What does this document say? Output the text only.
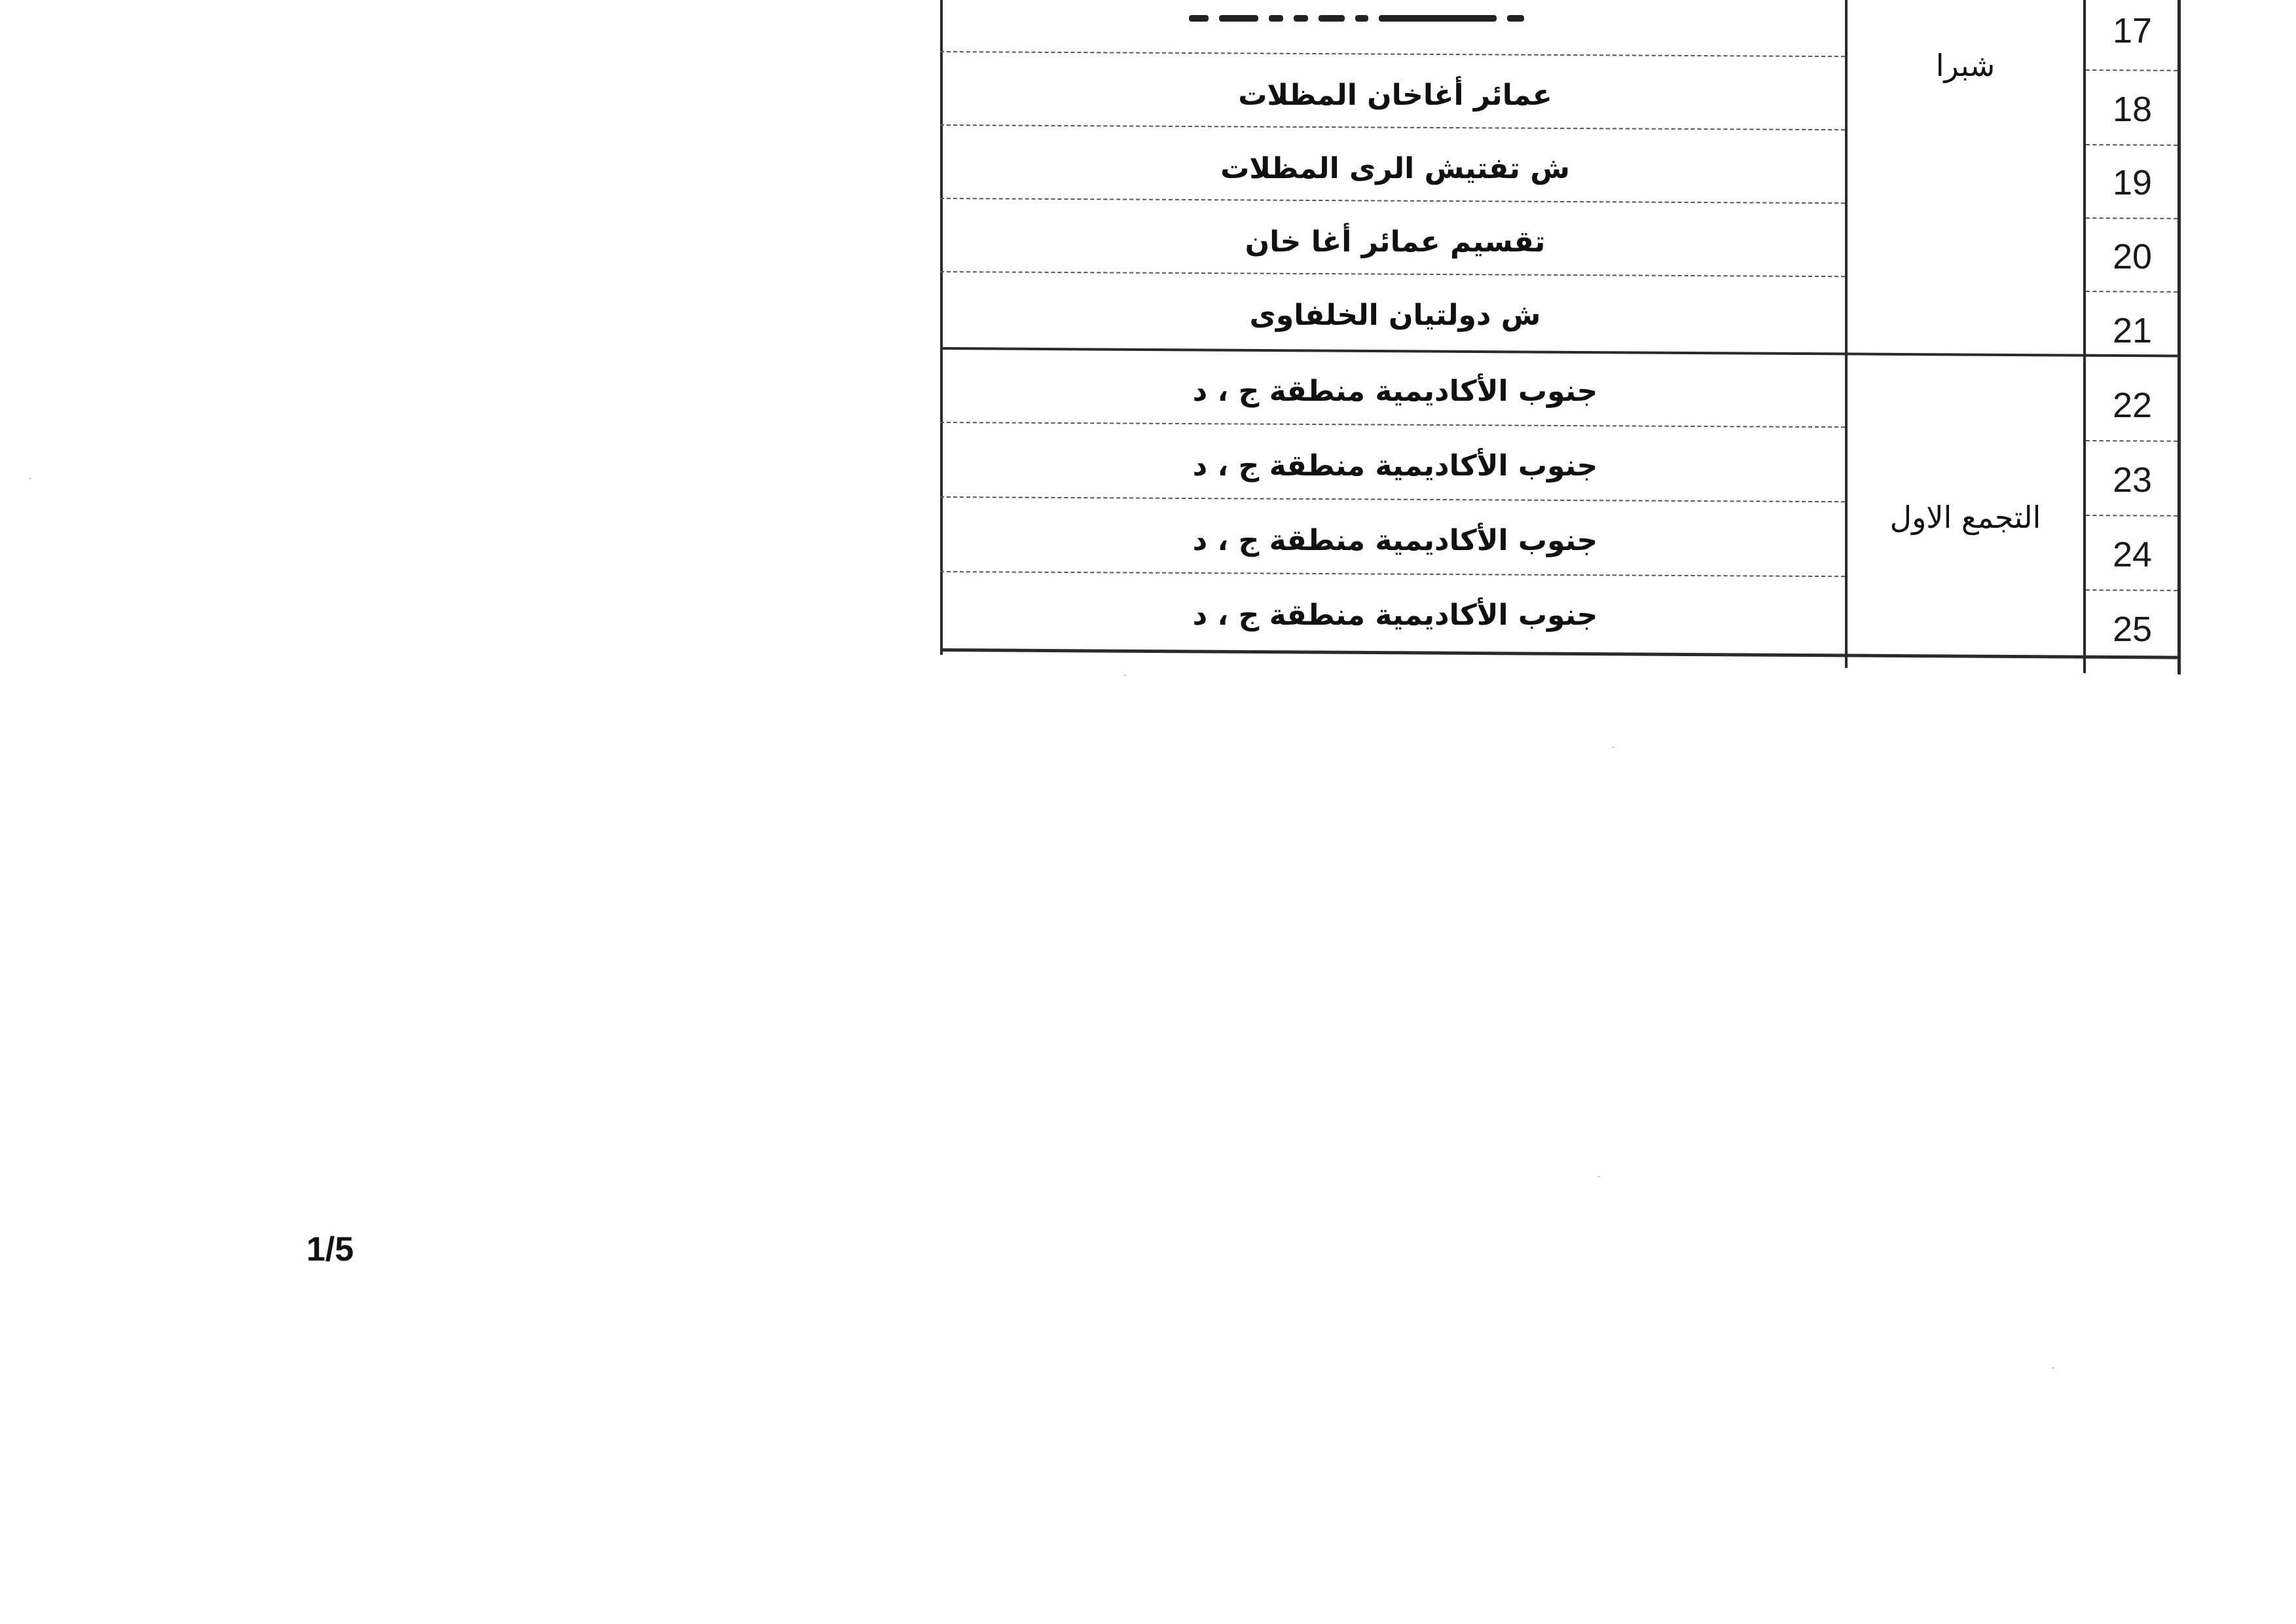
17
عمائر أغاخان المظلات	18
ش تفتيش الرى المظلات	19
تقسيم عمائر أغا خان	20
ش دولتيان الخلفاوى	21
شبرا
جنوب الأكاديمية منطقة ج ، د	22
جنوب الأكاديمية منطقة ج ، د	23
جنوب الأكاديمية منطقة ج ، د	24
جنوب الأكاديمية منطقة ج ، د	25
التجمع الاول
1/5
